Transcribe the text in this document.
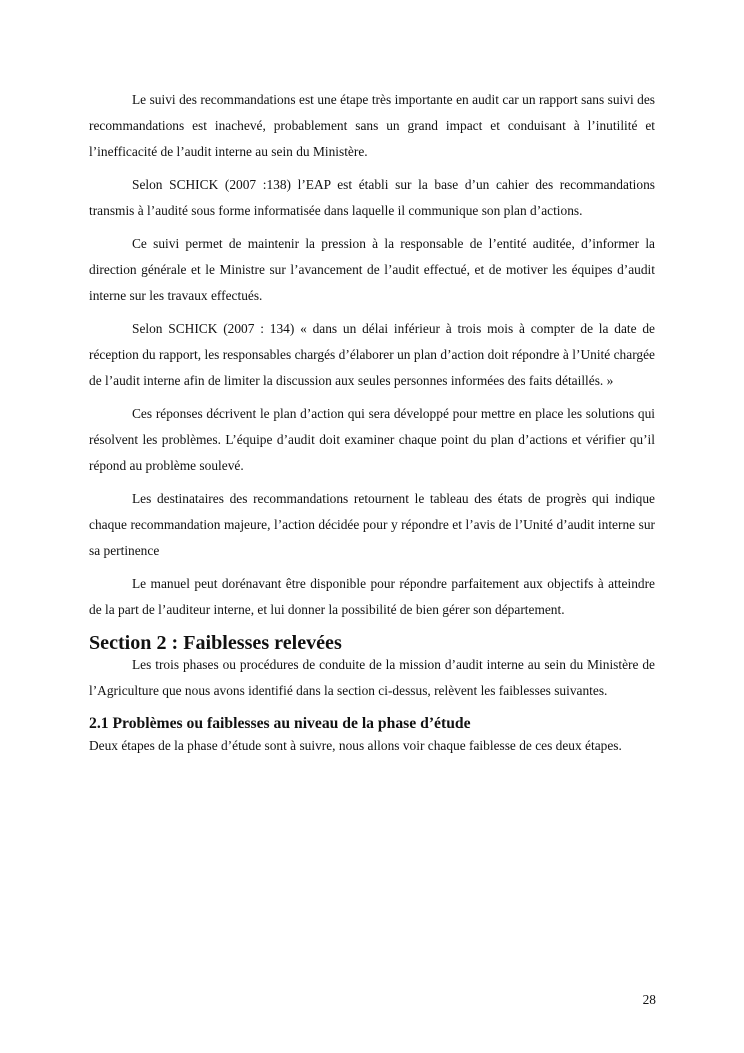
Le suivi des recommandations est une étape très importante en audit car un rapport sans suivi des recommandations est inachevé, probablement sans un grand impact et conduisant à l’inutilité et l’inefficacité de l’audit interne au sein du Ministère.

Selon SCHICK (2007 :138) l’EAP est établi sur la base d’un cahier des recommandations transmis à l’audité sous forme informatisée dans laquelle il communique son plan d’actions.

Ce suivi permet de maintenir la pression à la responsable de l’entité auditée, d’informer la direction générale et le Ministre sur l’avancement de l’audit effectué, et de motiver les équipes d’audit interne sur les travaux effectués.

Selon SCHICK (2007 : 134) « dans un délai inférieur à trois mois à compter de la date de réception du rapport, les responsables chargés d’élaborer un plan d’action doit répondre à l’Unité chargée de l’audit interne afin de limiter la discussion aux seules personnes informées des faits détaillés. »

Ces réponses décrivent le plan d’action qui sera développé pour mettre en place les solutions qui résolvent les problèmes. L’équipe d’audit doit examiner chaque point du plan d’actions et vérifier qu’il répond au problème soulevé.

Les destinataires des recommandations retournent le tableau des états de progrès qui indique chaque recommandation majeure, l’action décidée pour y répondre et l’avis de l’Unité d’audit interne sur sa pertinence

Le manuel peut dorénavant être disponible pour répondre parfaitement aux objectifs à atteindre de la part de l’auditeur interne, et lui donner la possibilité de bien gérer son département.

Section 2 : Faiblesses relevées

Les trois phases ou procédures de conduite de la mission d’audit interne au sein du Ministère de l’Agriculture que nous avons identifié dans la section ci-dessus, relèvent les faiblesses suivantes.

2.1 Problèmes ou faiblesses au niveau de la phase d’étude

Deux étapes de la phase d’étude sont à suivre, nous allons voir chaque faiblesse de ces deux étapes.

28
